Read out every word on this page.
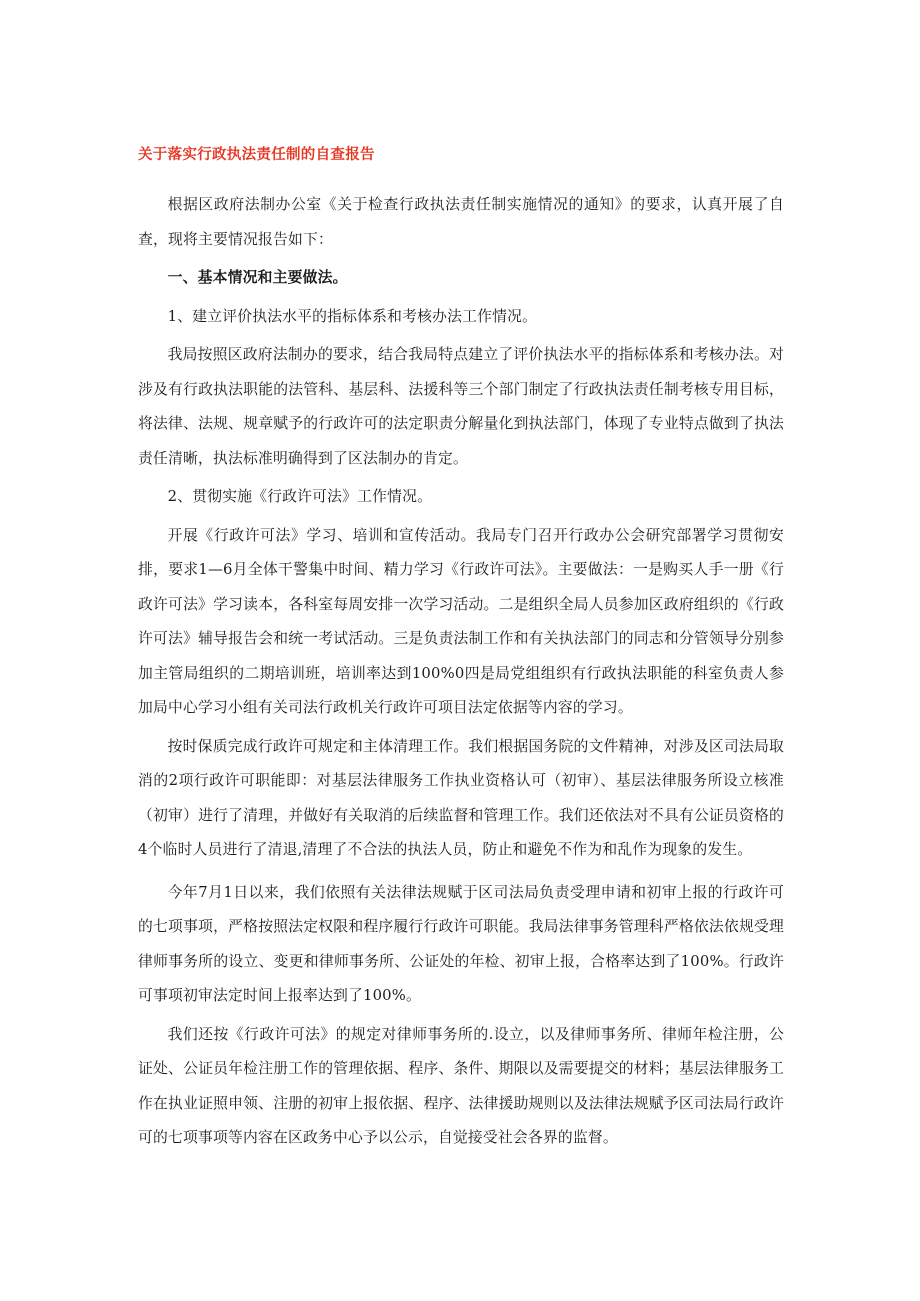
关于落实行政执法责任制的自查报告

根据区政府法制办公室《关于检查行政执法责任制实施情况的通知》的要求，认真开展了自查，现将主要情况报告如下：

一、基本情况和主要做法。

1、建立评价执法水平的指标体系和考核办法工作情况。

我局按照区政府法制办的要求，结合我局特点建立了评价执法水平的指标体系和考核办法。对涉及有行政执法职能的法管科、基层科、法援科等三个部门制定了行政执法责任制考核专用目标，将法律、法规、规章赋予的行政许可的法定职责分解量化到执法部门，体现了专业特点做到了执法责任清晰，执法标准明确得到了区法制办的肯定。

2、贯彻实施《行政许可法》工作情况。

开展《行政许可法》学习、培训和宣传活动。我局专门召开行政办公会研究部署学习贯彻安排，要求1—6月全体干警集中时间、精力学习《行政许可法》。主要做法：一是购买人手一册《行政许可法》学习读本，各科室每周安排一次学习活动。二是组织全局人员参加区政府组织的《行政许可法》辅导报告会和统一考试活动。三是负责法制工作和有关执法部门的同志和分管领导分别参加主管局组织的二期培训班，培训率达到100%0四是局党组组织有行政执法职能的科室负责人参加局中心学习小组有关司法行政机关行政许可项目法定依据等内容的学习。

按时保质完成行政许可规定和主体清理工作。我们根据国务院的文件精神，对涉及区司法局取消的2项行政许可职能即：对基层法律服务工作执业资格认可（初审）、基层法律服务所设立核准（初审）进行了清理，并做好有关取消的后续监督和管理工作。我们还依法对不具有公证员资格的4个临时人员进行了清退,清理了不合法的执法人员，防止和避免不作为和乱作为现象的发生。

今年7月1日以来，我们依照有关法律法规赋于区司法局负责受理申请和初审上报的行政许可的七项事项，严格按照法定权限和程序履行行政许可职能。我局法律事务管理科严格依法依规受理律师事务所的设立、变更和律师事务所、公证处的年检、初审上报，合格率达到了100%。行政许可事项初审法定时间上报率达到了100%。

我们还按《行政许可法》的规定对律师事务所的.设立，以及律师事务所、律师年检注册，公证处、公证员年检注册工作的管理依据、程序、条件、期限以及需要提交的材料；基层法律服务工作在执业证照申领、注册的初审上报依据、程序、法律援助规则以及法律法规赋予区司法局行政许可的七项事项等内容在区政务中心予以公示，自觉接受社会各界的监督。
